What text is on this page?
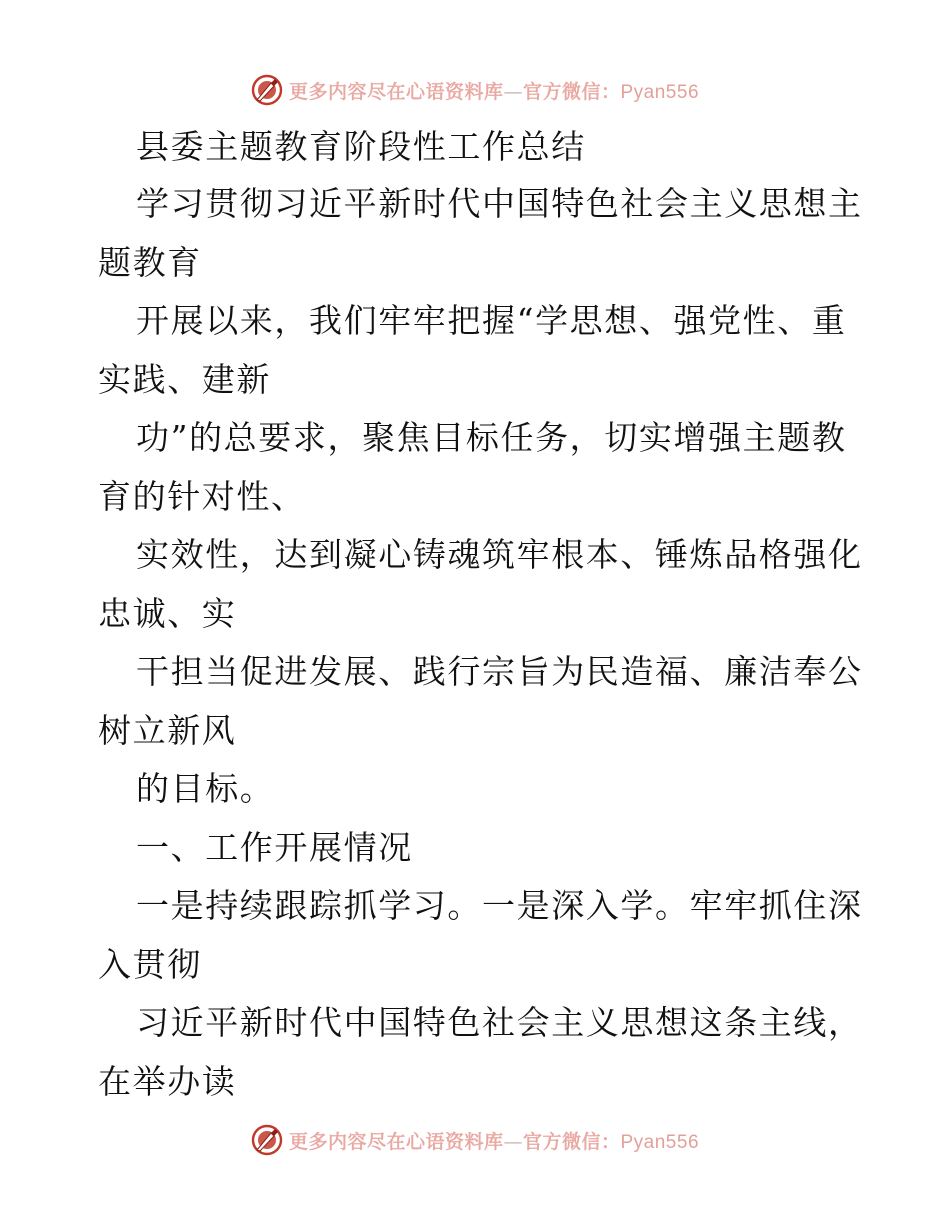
更多内容尽在心语资料库—官方微信：Pyan556
县委主题教育阶段性工作总结
学习贯彻习近平新时代中国特色社会主义思想主
题教育
开展以来，我们牢牢把握“学思想、强党性、重
实践、建新
功”的总要求，聚焦目标任务，切实增强主题教
育的针对性、
实效性，达到凝心铸魂筑牢根本、锤炼品格强化
忠诚、实
干担当促进发展、践行宗旨为民造福、廉洁奉公
树立新风
的目标。
一、工作开展情况
一是持续跟踪抓学习。一是深入学。牢牢抓住深
入贯彻
习近平新时代中国特色社会主义思想这条主线，
在举办读
更多内容尽在心语资料库—官方微信：Pyan556
